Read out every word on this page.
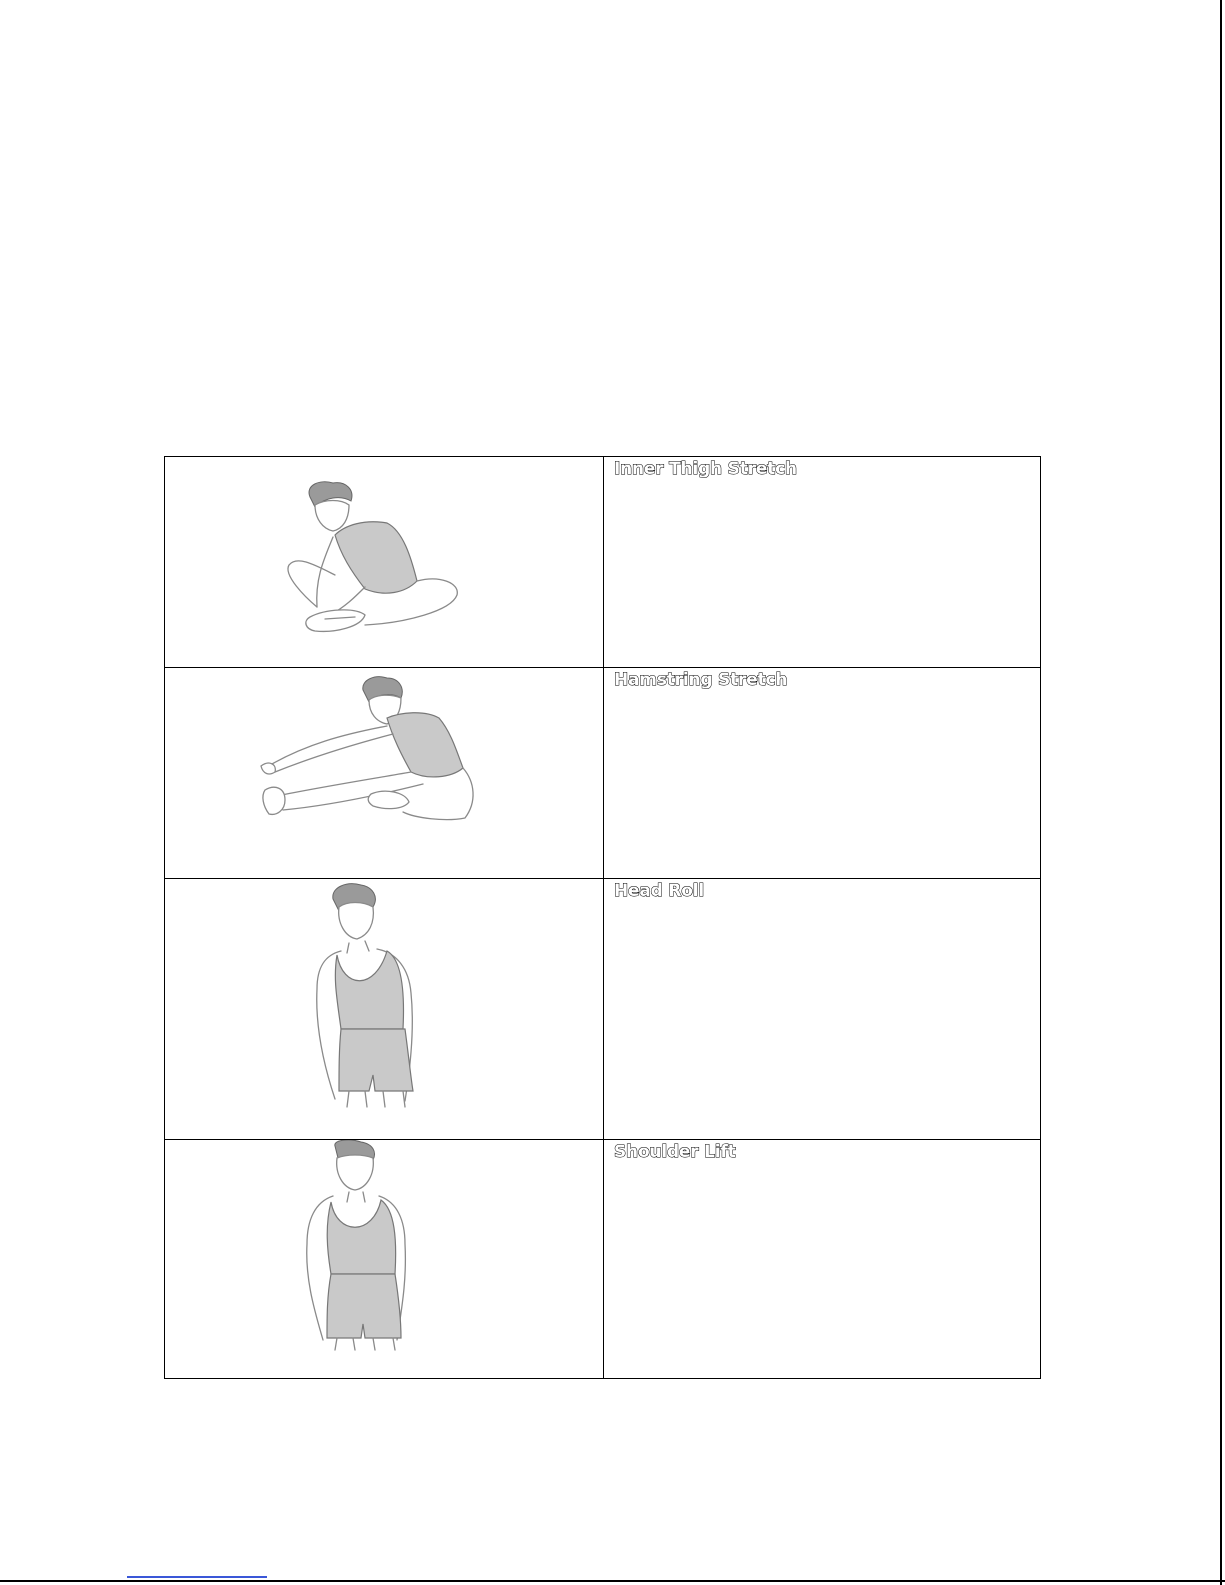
Inner Thigh Stretch

Hamstring Stretch

Head Roll

Shoulder Lift
